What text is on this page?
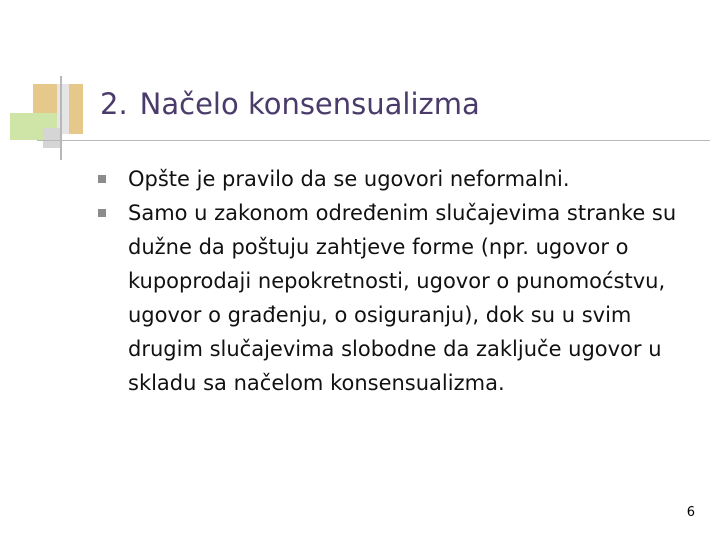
2. Načelo konsensualizma
Opšte je pravilo da se ugovori neformalni.
Samo u zakonom određenim slučajevima stranke su dužne da poštuju zahtjeve forme (npr. ugovor o kupoprodaji nepokretnosti, ugovor o punomoćstvu, ugovor o građenju, o osiguranju), dok su u svim drugim slučajevima slobodne da zaključe ugovor u skladu sa načelom konsensualizma.
6
